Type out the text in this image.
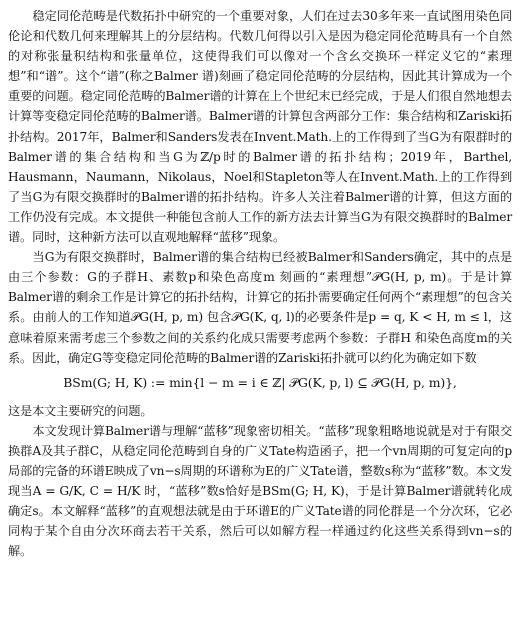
稳定同伦范畴是代数拓扑中研究的一个重要对象，人们在过去30多年来一直试图用染色同伦论和代数几何来理解其上的分层结构。代数几何得以引入是因为稳定同伦范畴具有一个自然的对称张量积结构和张量单位，这使得我们可以像对一个含幺交换环一样定义它的“素理想”和“谱”。这个“谱”(称之Balmer 谱)刻画了稳定同伦范畴的分层结构，因此其计算成为一个重要的问题。稳定同伦范畴的Balmer谱的计算在上个世纪末已经完成，于是人们很自然地想去计算等变稳定同伦范畴的Balmer谱。Balmer谱的计算包含两部分工作：集合结构和Zariski拓扑结构。2017年，Balmer和Sanders发表在Invent.Math.上的工作得到了当G为有限群时的Balmer谱的集合结构和当G为ℤ/p时的Balmer谱的拓扑结构；2019年，Barthel, Hausmann，Naumann，Nikolaus，Noel和Stapleton等人在Invent.Math.上的工作得到了当G为有限交换群时的Balmer谱的拓扑结构。许多人关注着Balmer谱的计算，但这方面的工作仍没有完成。本文提供一种能包含前人工作的新方法去计算当G为有限交换群时的Balmer谱。同时，这种新方法可以直观地解释“蓝移”现象。

当G为有限交换群时，Balmer谱的集合结构已经被Balmer和Sanders确定，其中的点是由三个参数：G的子群H、素数p和染色高度m 刻画的“素理想”𝒫G(H, p, m)。于是计算Balmer谱的剩余工作是计算它的拓扑结构，计算它的拓扑需要确定任何两个“素理想”的包含关系。由前人的工作知道𝒫G(H, p, m) 包含𝒫G(K, q, l)的必要条件是p = q, K < H, m ≤ l，这意味着原来需考虑三个参数之间的关系约化成只需要考虑两个参数：子群H 和染色高度m的关系。因此，确定G等变稳定同伦范畴的Balmer谱的Zariski拓扑就可以约化为确定如下数

BSm(G; H, K) := min{l − m = i ∈ ℤ| 𝒫G(K, p, l) ⊆ 𝒫G(H, p, m)},

这是本文主要研究的问题。

本文发现计算Balmer谱与理解“蓝移”现象密切相关。“蓝移”现象粗略地说就是对于有限交换群A及其子群C，从稳定同伦范畴到自身的广义Tate构造函子，把一个vn周期的可复定向的p局部的完备的环谱E映成了vn−s周期的环谱称为E的广义Tate谱，整数s称为“蓝移”数。本文发现当A = G/K, C = H/K 时，“蓝移”数s恰好是BSm(G; H, K)，于是计算Balmer谱就转化成确定s。本文解释“蓝移”的直观想法就是由于环谱E的广义Tate谱的同伦群是一个分次环，它必同构于某个自由分次环商去若干关系，然后可以如解方程一样通过约化这些关系得到vn−s的解。
